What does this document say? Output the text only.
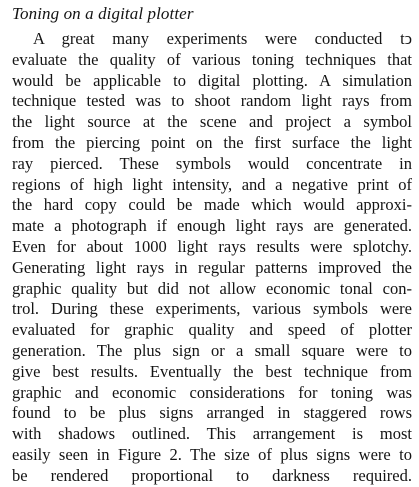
Toning on a digital plotter
A great many experiments were conducted tↄ
evaluate the quality of various toning techniques that
would be applicable to digital plotting. A simulation
technique tested was to shoot random light rays from
the light source at the scene and project a symbol
from the piercing point on the first surface the light
ray pierced. These symbols would concentrate in
regions of high light intensity, and a negative print of
the hard copy could be made which would approxi-
mate a photograph if enough light rays are generated.
Even for about 1000 light rays results were splotchy.
Generating light rays in regular patterns improved the
graphic quality but did not allow economic tonal con-
trol. During these experiments, various symbols were
evaluated for graphic quality and speed of plotter
generation. The plus sign or a small square were to
give best results. Eventually the best technique from
graphic and economic considerations for toning was
found to be plus signs arranged in staggered rows
with shadows outlined. This arrangement is most
easily seen in Figure 2. The size of plus signs were to
be rendered proportional to darkness required.
